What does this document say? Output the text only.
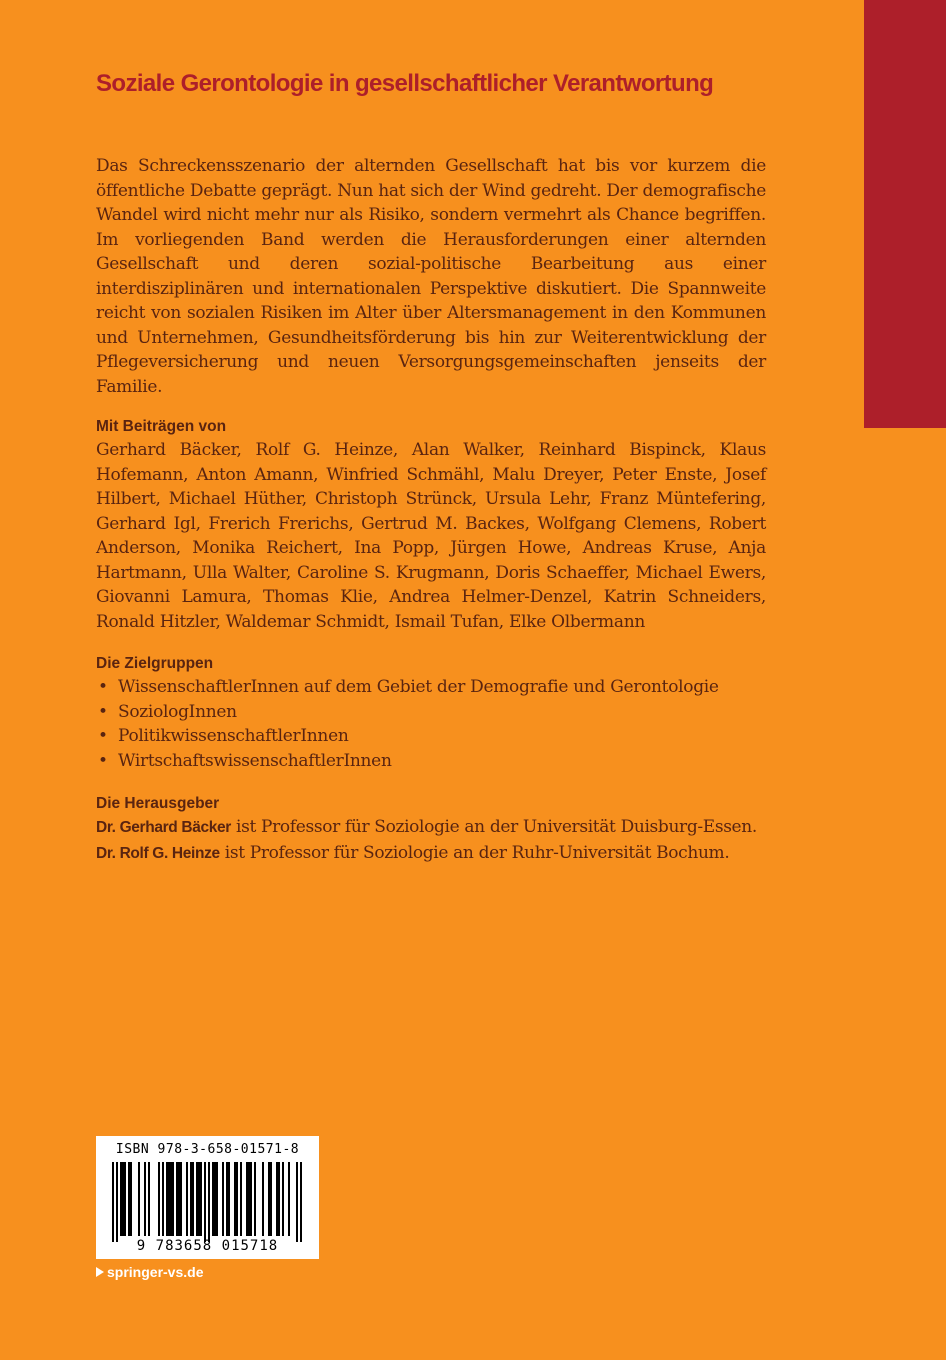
Soziale Gerontologie in gesellschaftlicher Verantwortung

Das Schreckensszenario der alternden Gesellschaft hat bis vor kurzem die öffentliche Debatte geprägt. Nun hat sich der Wind gedreht. Der demografische Wandel wird nicht mehr nur als Risiko, sondern vermehrt als Chance begriffen. Im vorliegenden Band werden die Herausforderungen einer alternden Gesellschaft und deren sozial-politische Bearbeitung aus einer interdisziplinären und internationalen Perspektive diskutiert. Die Spannweite reicht von sozialen Risiken im Alter über Altersmanagement in den Kommunen und Unternehmen, Gesundheitsförderung bis hin zur Weiterentwicklung der Pflegeversicherung und neuen Versorgungsgemeinschaften jenseits der Familie.

Mit Beiträgen von

Gerhard Bäcker, Rolf G. Heinze, Alan Walker, Reinhard Bispinck, Klaus Hofemann, Anton Amann, Winfried Schmähl, Malu Dreyer, Peter Enste, Josef Hilbert, Michael Hüther, Christoph Strünck, Ursula Lehr, Franz Müntefering, Gerhard Igl, Frerich Frerichs, Gertrud M. Backes, Wolfgang Clemens, Robert Anderson, Monika Reichert, Ina Popp, Jürgen Howe, Andreas Kruse, Anja Hartmann, Ulla Walter, Caroline S. Krugmann, Doris Schaeffer, Michael Ewers, Giovanni Lamura, Thomas Klie, Andrea Helmer-Denzel, Katrin Schneiders, Ronald Hitzler, Waldemar Schmidt, Ismail Tufan, Elke Olbermann

Die Zielgruppen
• WissenschaftlerInnen auf dem Gebiet der Demografie und Gerontologie
• SoziologInnen
• PolitikwissenschaftlerInnen
• WirtschaftswissenschaftlerInnen
Die Herausgeber

Dr. Gerhard Bäcker ist Professor für Soziologie an der Universität Duisburg-Essen.

Dr. Rolf G. Heinze ist Professor für Soziologie an der Ruhr-Universität Bochum.

ISBN 978-3-658-01571-8
9 783658 015718
springer-vs.de
